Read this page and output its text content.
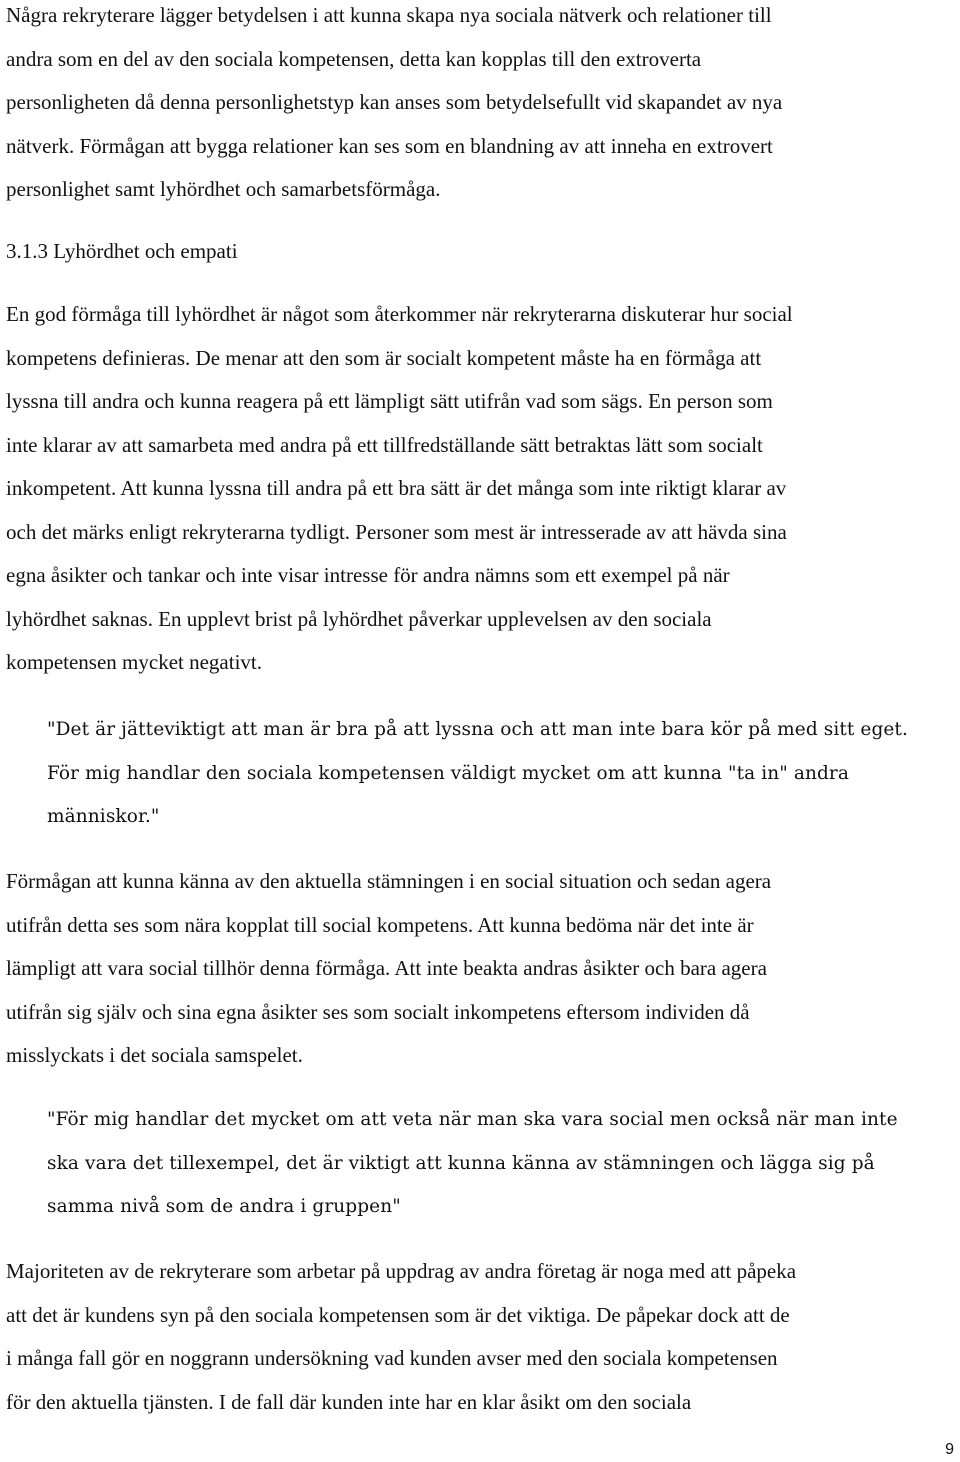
Några rekryterare lägger betydelsen i att kunna skapa nya sociala nätverk och relationer till
andra som en del av den sociala kompetensen, detta kan kopplas till den extroverta
personligheten då denna personlighetstyp kan anses som betydelsefullt vid skapandet av nya
nätverk. Förmågan att bygga relationer kan ses som en blandning av att inneha en extrovert
personlighet samt lyhördhet och samarbetsförmåga.
3.1.3 Lyhördhet och empati
En god förmåga till lyhördhet är något som återkommer när rekryterarna diskuterar hur social
kompetens definieras. De menar att den som är socialt kompetent måste ha en förmåga att
lyssna till andra och kunna reagera på ett lämpligt sätt utifrån vad som sägs. En person som
inte klarar av att samarbeta med andra på ett tillfredställande sätt betraktas lätt som socialt
inkompetent. Att kunna lyssna till andra på ett bra sätt är det många som inte riktigt klarar av
och det märks enligt rekryterarna tydligt. Personer som mest är intresserade av att hävda sina
egna åsikter och tankar och inte visar intresse för andra nämns som ett exempel på när
lyhördhet saknas. En upplevt brist på lyhördhet påverkar upplevelsen av den sociala
kompetensen mycket negativt.
"Det är jätteviktigt att man är bra på att lyssna och att man inte bara kör på med sitt eget.
För mig handlar den sociala kompetensen väldigt mycket om att kunna "ta in" andra
människor."
Förmågan att kunna känna av den aktuella stämningen i en social situation och sedan agera
utifrån detta ses som nära kopplat till social kompetens. Att kunna bedöma när det inte är
lämpligt att vara social tillhör denna förmåga. Att inte beakta andras åsikter och bara agera
utifrån sig själv och sina egna åsikter ses som socialt inkompetens eftersom individen då
misslyckats i det sociala samspelet.
"För mig handlar det mycket om att veta när man ska vara social men också när man inte
ska vara det tillexempel, det är viktigt att kunna känna av stämningen och lägga sig på
samma nivå som de andra i gruppen"
Majoriteten av de rekryterare som arbetar på uppdrag av andra företag är noga med att påpeka
att det är kundens syn på den sociala kompetensen som är det viktiga. De påpekar dock att de
i många fall gör en noggrann undersökning vad kunden avser med den sociala kompetensen
för den aktuella tjänsten. I de fall där kunden inte har en klar åsikt om den sociala
9
